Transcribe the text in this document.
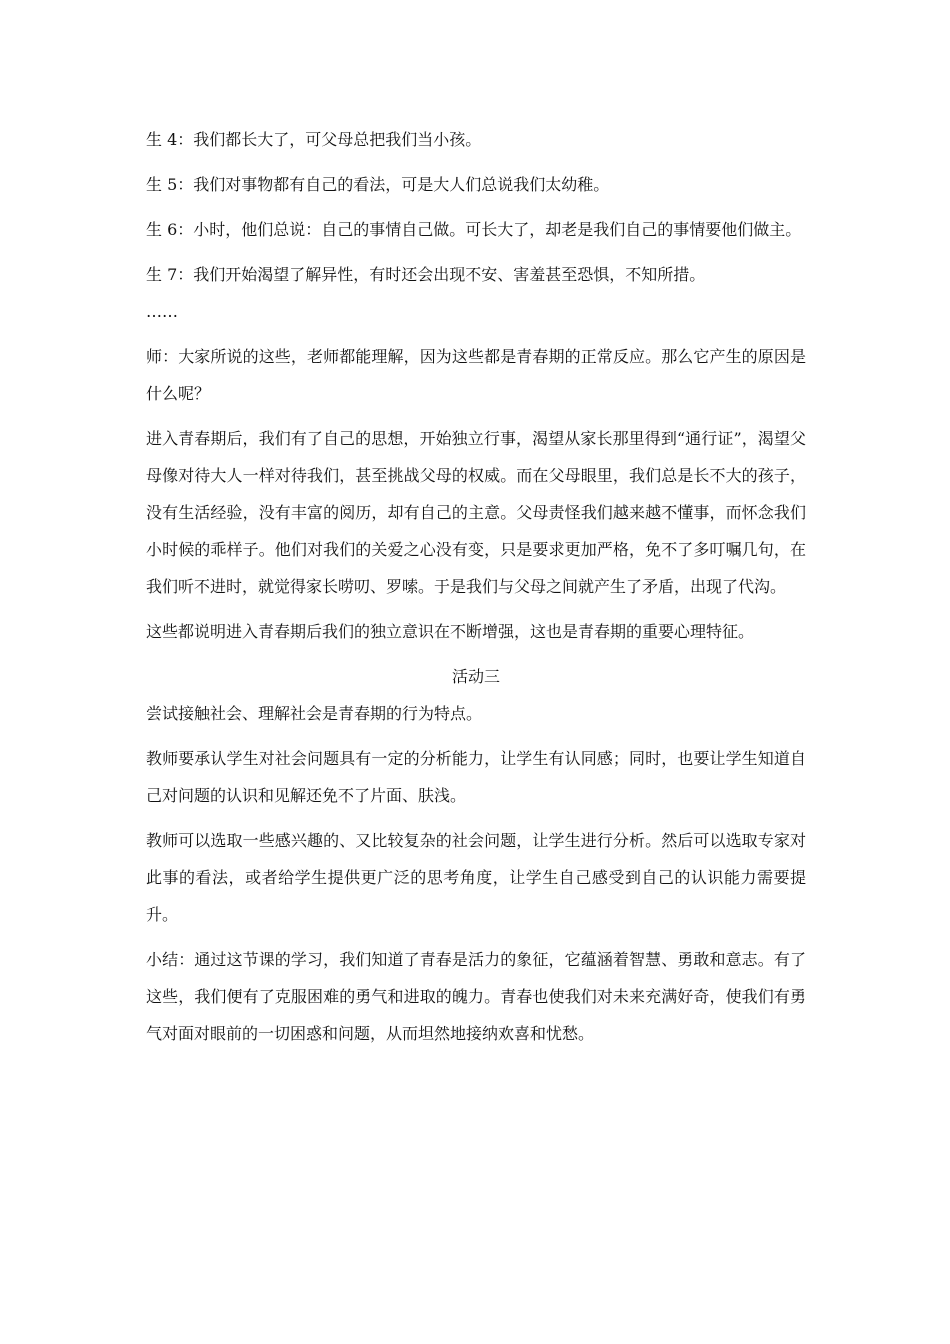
生 4：我们都长大了，可父母总把我们当小孩。

生 5：我们对事物都有自己的看法，可是大人们总说我们太幼稚。

生 6：小时，他们总说：自己的事情自己做。可长大了，却老是我们自己的事情要他们做主。

生 7：我们开始渴望了解异性，有时还会出现不安、害羞甚至恐惧，不知所措。

……

师：大家所说的这些，老师都能理解，因为这些都是青春期的正常反应。那么它产生的原因是什么呢？

进入青春期后，我们有了自己的思想，开始独立行事，渴望从家长那里得到“通行证”，渴望父母像对待大人一样对待我们，甚至挑战父母的权威。而在父母眼里，我们总是长不大的孩子，没有生活经验，没有丰富的阅历，却有自己的主意。父母责怪我们越来越不懂事，而怀念我们小时候的乖样子。他们对我们的关爱之心没有变，只是要求更加严格，免不了多叮嘱几句，在我们听不进时，就觉得家长唠叨、罗嗦。于是我们与父母之间就产生了矛盾，出现了代沟。

这些都说明进入青春期后我们的独立意识在不断增强，这也是青春期的重要心理特征。

活动三

尝试接触社会、理解社会是青春期的行为特点。

教师要承认学生对社会问题具有一定的分析能力，让学生有认同感；同时，也要让学生知道自己对问题的认识和见解还免不了片面、肤浅。

教师可以选取一些感兴趣的、又比较复杂的社会问题，让学生进行分析。然后可以选取专家对此事的看法，或者给学生提供更广泛的思考角度，让学生自己感受到自己的认识能力需要提升。

小结：通过这节课的学习，我们知道了青春是活力的象征，它蕴涵着智慧、勇敢和意志。有了这些，我们便有了克服困难的勇气和进取的魄力。青春也使我们对未来充满好奇，使我们有勇气对面对眼前的一切困惑和问题，从而坦然地接纳欢喜和忧愁。
